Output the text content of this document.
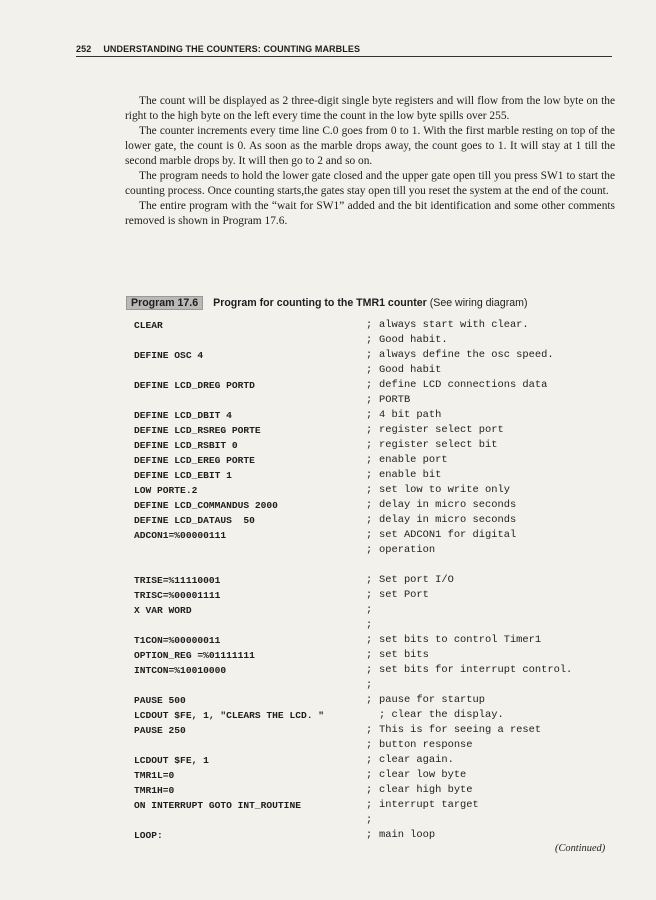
252 UNDERSTANDING THE COUNTERS: COUNTING MARBLES

The count will be displayed as 2 three-digit single byte registers and will flow from the low byte on the right to the high byte on the left every time the count in the low byte spills over 255.

The counter increments every time line C.0 goes from 0 to 1. With the first marble resting on top of the lower gate, the count is 0. As soon as the marble drops away, the count goes to 1. It will stay at 1 till the second marble drops by. It will then go to 2 and so on.

The program needs to hold the lower gate closed and the upper gate open till you press SW1 to start the counting process. Once counting starts,the gates stay open till you reset the system at the end of the count.

The entire program with the “wait for SW1” added and the bit identification and some other comments removed is shown in Program 17.6.

Program 17.6 Program for counting to the TMR1 counter (See wiring diagram)
CLEAR	; always start with clear.
; Good habit.
DEFINE OSC 4	; always define the osc speed.
; Good habit
DEFINE LCD_DREG PORTD	; define LCD connections data
; PORTB
DEFINE LCD_DBIT 4	; 4 bit path
DEFINE LCD_RSREG PORTE	; register select port
DEFINE LCD_RSBIT 0	; register select bit
DEFINE LCD_EREG PORTE	; enable port
DEFINE LCD_EBIT 1	; enable bit
LOW PORTE.2	; set low to write only
DEFINE LCD_COMMANDUS 2000	; delay in micro seconds
DEFINE LCD_DATAUS  50	; delay in micro seconds
ADCON1=%00000111	; set ADCON1 for digital
; operation
TRISE=%11110001	; Set port I/O
TRISC=%00001111	; set Port
X VAR WORD	;
;
T1CON=%00000011	; set bits to control Timer1
OPTION_REG =%01111111	; set bits
INTCON=%10010000	; set bits for interrupt control.
;
PAUSE 500	; pause for startup
LCDOUT $FE, 1, "CLEARS THE LCD. "	; clear the display.
PAUSE 250	; This is for seeing a reset
; button response
LCDOUT $FE, 1	; clear again.
TMR1L=0	; clear low byte
TMR1H=0	; clear high byte
ON INTERRUPT GOTO INT_ROUTINE	; interrupt target
;
LOOP:	; main loop
(Continued)
